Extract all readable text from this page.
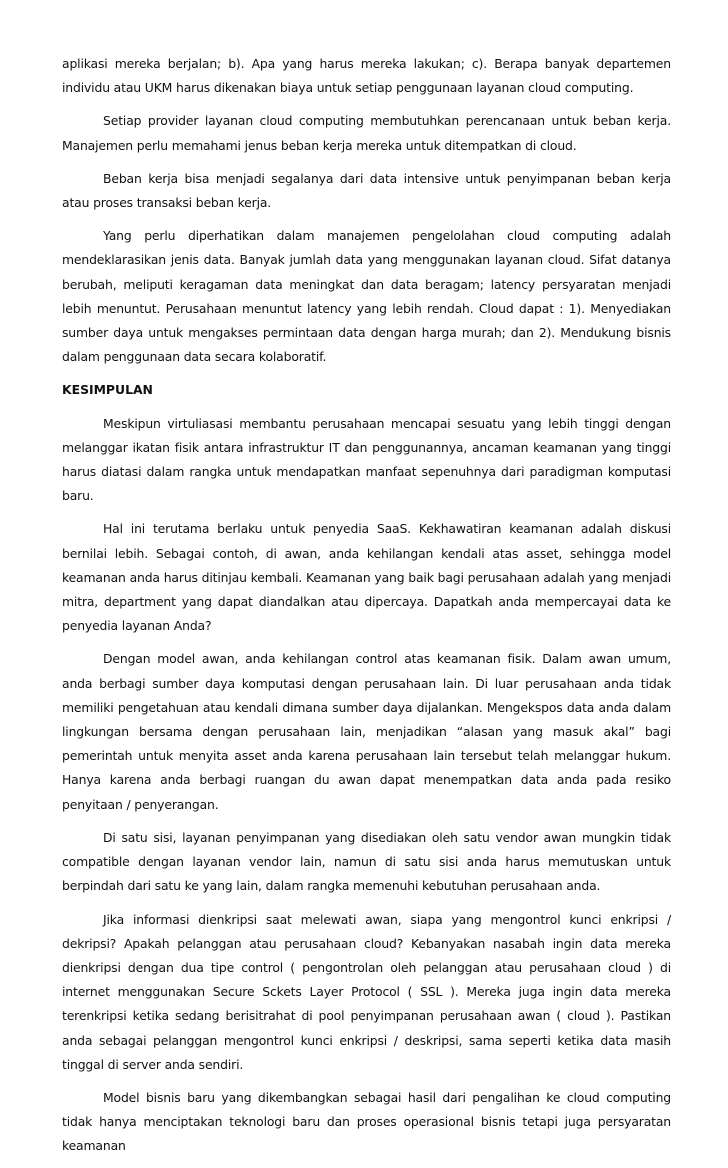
aplikasi mereka berjalan; b). Apa yang harus mereka lakukan; c). Berapa banyak departemen individu atau UKM harus dikenakan biaya untuk setiap penggunaan layanan cloud computing.

Setiap provider layanan cloud computing membutuhkan perencanaan untuk beban kerja. Manajemen perlu memahami jenus beban kerja mereka untuk ditempatkan di cloud.

Beban kerja bisa menjadi segalanya dari data intensive untuk penyimpanan beban kerja atau proses transaksi beban kerja.

Yang perlu diperhatikan dalam manajemen pengelolahan cloud computing adalah mendeklarasikan jenis data. Banyak jumlah data yang menggunakan layanan cloud. Sifat datanya berubah, meliputi keragaman data meningkat dan data beragam; latency persyaratan menjadi lebih menuntut. Perusahaan menuntut latency yang lebih rendah. Cloud dapat : 1). Menyediakan sumber daya untuk mengakses permintaan data dengan harga murah; dan 2). Mendukung bisnis dalam penggunaan data secara kolaboratif.

KESIMPULAN

Meskipun virtuliasasi membantu perusahaan mencapai sesuatu yang lebih tinggi dengan melanggar ikatan fisik antara infrastruktur IT dan penggunannya, ancaman keamanan yang tinggi harus diatasi dalam rangka untuk mendapatkan manfaat sepenuhnya dari paradigman komputasi baru.

Hal ini terutama berlaku untuk penyedia SaaS. Kekhawatiran keamanan adalah diskusi bernilai lebih. Sebagai contoh, di awan, anda kehilangan kendali atas asset, sehingga model keamanan anda harus ditinjau kembali. Keamanan yang baik bagi perusahaan adalah yang menjadi mitra, department yang dapat diandalkan atau dipercaya. Dapatkah anda mempercayai data ke penyedia layanan Anda?

Dengan model awan, anda kehilangan control atas keamanan fisik. Dalam awan umum, anda berbagi sumber daya komputasi dengan perusahaan lain. Di luar perusahaan anda tidak memiliki pengetahuan atau kendali dimana sumber daya dijalankan. Mengekspos data anda dalam lingkungan bersama dengan perusahaan lain, menjadikan “alasan yang masuk akal” bagi pemerintah untuk menyita asset anda karena perusahaan lain tersebut telah melanggar hukum. Hanya karena anda berbagi ruangan du awan dapat menempatkan data anda pada resiko penyitaan / penyerangan.

Di satu sisi, layanan penyimpanan yang disediakan oleh satu vendor awan mungkin tidak compatible dengan layanan vendor lain, namun di satu sisi anda harus memutuskan untuk berpindah dari satu ke yang lain, dalam rangka memenuhi kebutuhan perusahaan anda.

Jika informasi dienkripsi saat melewati awan, siapa yang mengontrol kunci enkripsi / dekripsi? Apakah pelanggan atau perusahaan cloud? Kebanyakan nasabah ingin data mereka dienkripsi dengan dua tipe control ( pengontrolan oleh pelanggan atau perusahaan cloud ) di internet menggunakan Secure Sckets Layer Protocol ( SSL ). Mereka juga ingin data mereka terenkripsi ketika sedang berisitrahat di pool penyimpanan perusahaan awan ( cloud ). Pastikan anda sebagai pelanggan mengontrol kunci enkripsi / deskripsi, sama seperti ketika data masih tinggal di server anda sendiri.

Model bisnis baru yang dikembangkan sebagai hasil dari pengalihan ke cloud computing tidak hanya menciptakan teknologi baru dan proses operasional bisnis tetapi juga persyaratan keamanan
